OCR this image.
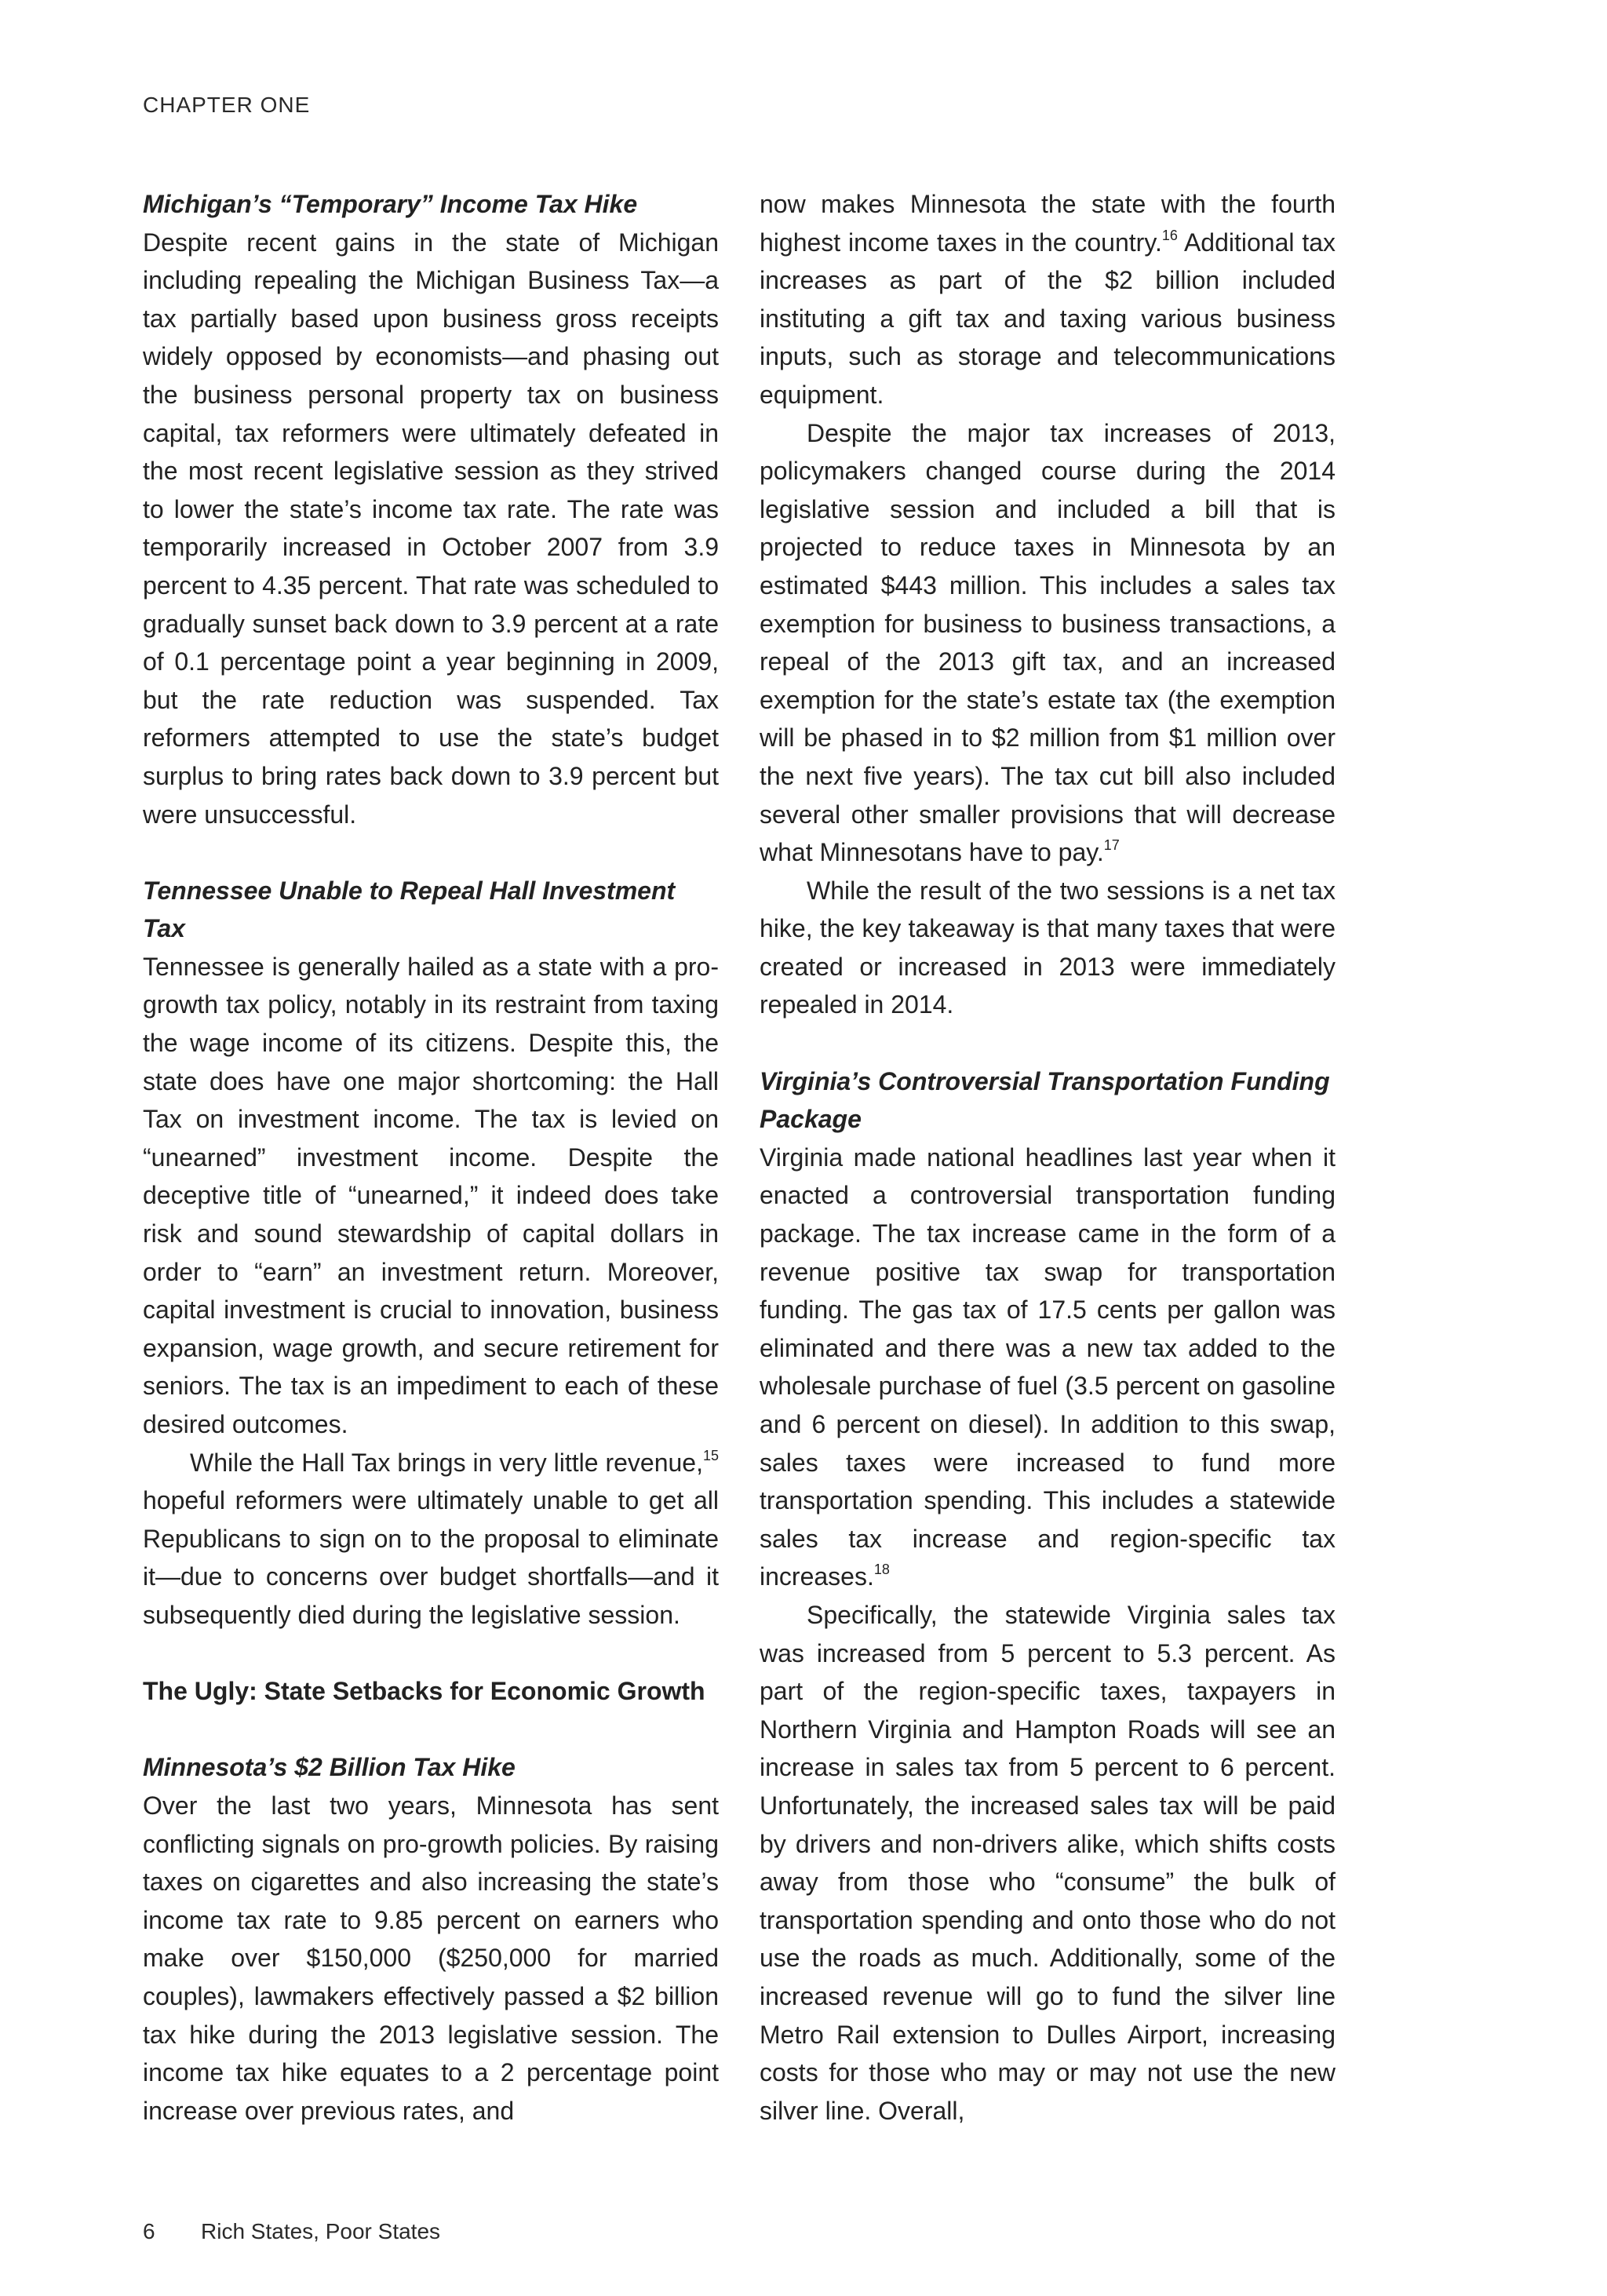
CHAPTER ONE
Michigan’s “Temporary” Income Tax Hike

Despite recent gains in the state of Michigan including repealing the Michigan Business Tax—a tax partially based upon business gross receipts widely opposed by economists—and phasing out the business personal property tax on business capital, tax reformers were ultimately defeated in the most recent legislative session as they strived to lower the state’s income tax rate. The rate was temporarily increased in October 2007 from 3.9 percent to 4.35 percent. That rate was scheduled to gradually sunset back down to 3.9 percent at a rate of 0.1 percentage point a year beginning in 2009, but the rate reduction was suspended. Tax reformers attempted to use the state’s budget surplus to bring rates back down to 3.9 percent but were unsuccessful.

Tennessee Unable to Repeal Hall Investment Tax

Tennessee is generally hailed as a state with a pro-growth tax policy, notably in its restraint from taxing the wage income of its citizens. Despite this, the state does have one major shortcoming: the Hall Tax on investment income. The tax is levied on “unearned” investment income. Despite the deceptive title of “unearned,” it indeed does take risk and sound stewardship of capital dollars in order to “earn” an investment return. Moreover, capital investment is crucial to innovation, business expansion, wage growth, and secure retirement for seniors. The tax is an impediment to each of these desired outcomes.

While the Hall Tax brings in very little revenue,$^{15}$ hopeful reformers were ultimately unable to get all Republicans to sign on to the proposal to eliminate it—due to concerns over budget shortfalls—and it subsequently died during the legislative session.

The Ugly: State Setbacks for Economic Growth
Minnesota’s $2 Billion Tax Hike

Over the last two years, Minnesota has sent conflicting signals on pro-growth policies. By raising taxes on cigarettes and also increasing the state’s income tax rate to 9.85 percent on earners who make over $150,000 ($250,000 for married couples), lawmakers effectively passed a $2 billion tax hike during the 2013 legislative session. The income tax hike equates to a 2 percentage point increase over previous rates, and

now makes Minnesota the state with the fourth highest income taxes in the country.$^{16}$ Additional tax increases as part of the $2 billion included instituting a gift tax and taxing various business inputs, such as storage and telecommunications equipment.

Despite the major tax increases of 2013, policymakers changed course during the 2014 legislative session and included a bill that is projected to reduce taxes in Minnesota by an estimated $443 million. This includes a sales tax exemption for business to business transactions, a repeal of the 2013 gift tax, and an increased exemption for the state’s estate tax (the exemption will be phased in to $2 million from $1 million over the next five years). The tax cut bill also included several other smaller provisions that will decrease what Minnesotans have to pay.$^{17}$

While the result of the two sessions is a net tax hike, the key takeaway is that many taxes that were created or increased in 2013 were immediately repealed in 2014.

Virginia’s Controversial Transportation Funding Package

Virginia made national headlines last year when it enacted a controversial transportation funding package. The tax increase came in the form of a revenue positive tax swap for transportation funding. The gas tax of 17.5 cents per gallon was eliminated and there was a new tax added to the wholesale purchase of fuel (3.5 percent on gasoline and 6 percent on diesel). In addition to this swap, sales taxes were increased to fund more transportation spending. This includes a statewide sales tax increase and region-specific tax increases.$^{18}$

Specifically, the statewide Virginia sales tax was increased from 5 percent to 5.3 percent. As part of the region-specific taxes, taxpayers in Northern Virginia and Hampton Roads will see an increase in sales tax from 5 percent to 6 percent. Unfortunately, the increased sales tax will be paid by drivers and non-drivers alike, which shifts costs away from those who “consume” the bulk of transportation spending and onto those who do not use the roads as much. Additionally, some of the increased revenue will go to fund the silver line Metro Rail extension to Dulles Airport, increasing costs for those who may or may not use the new silver line. Overall,

6 Rich States, Poor States
